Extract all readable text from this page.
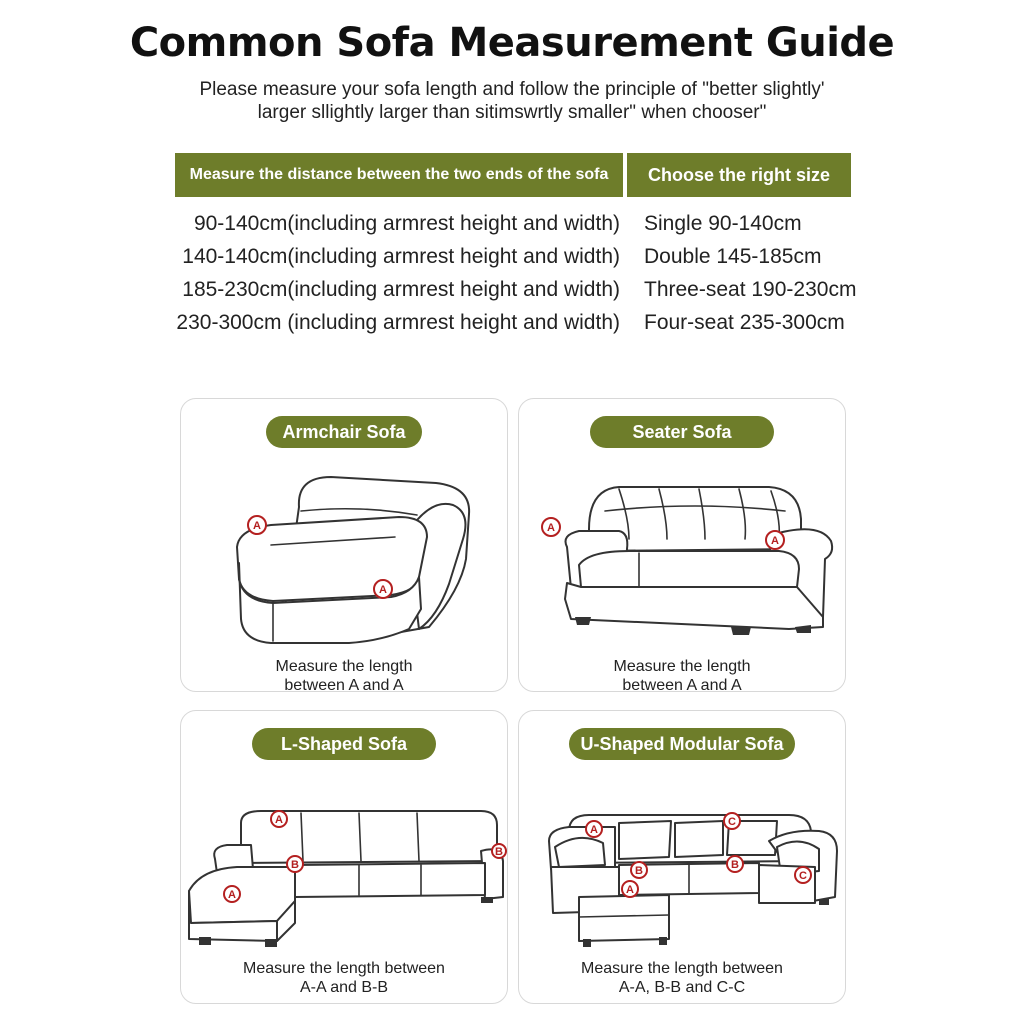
Common Sofa Measurement Guide
Please measure your sofa length and follow the principle of "better slightly'
larger sllightly larger than sitimswrtly smaller" when chooser"
Measure the distance between the two ends of the sofa	Choose the right size
90-140cm(including armrest height and width) Single 90-140cm
140-140cm(including armrest height and width) Double 145-185cm
185-230cm(including armrest height and width) Three-seat 190-230cm
230-300cm (including armrest height and width) Four-seat 235-300cm
Armchair Sofa
A
A
Measure the length
between A and A
Seater Sofa
A
A
Measure the length
between A and A
L-Shaped Sofa
A
A
B
B
Measure the length between
A-A and B-B
U-Shaped Modular Sofa
A
A
B	B
C
C
Measure the length between
A-A, B-B and C-C
